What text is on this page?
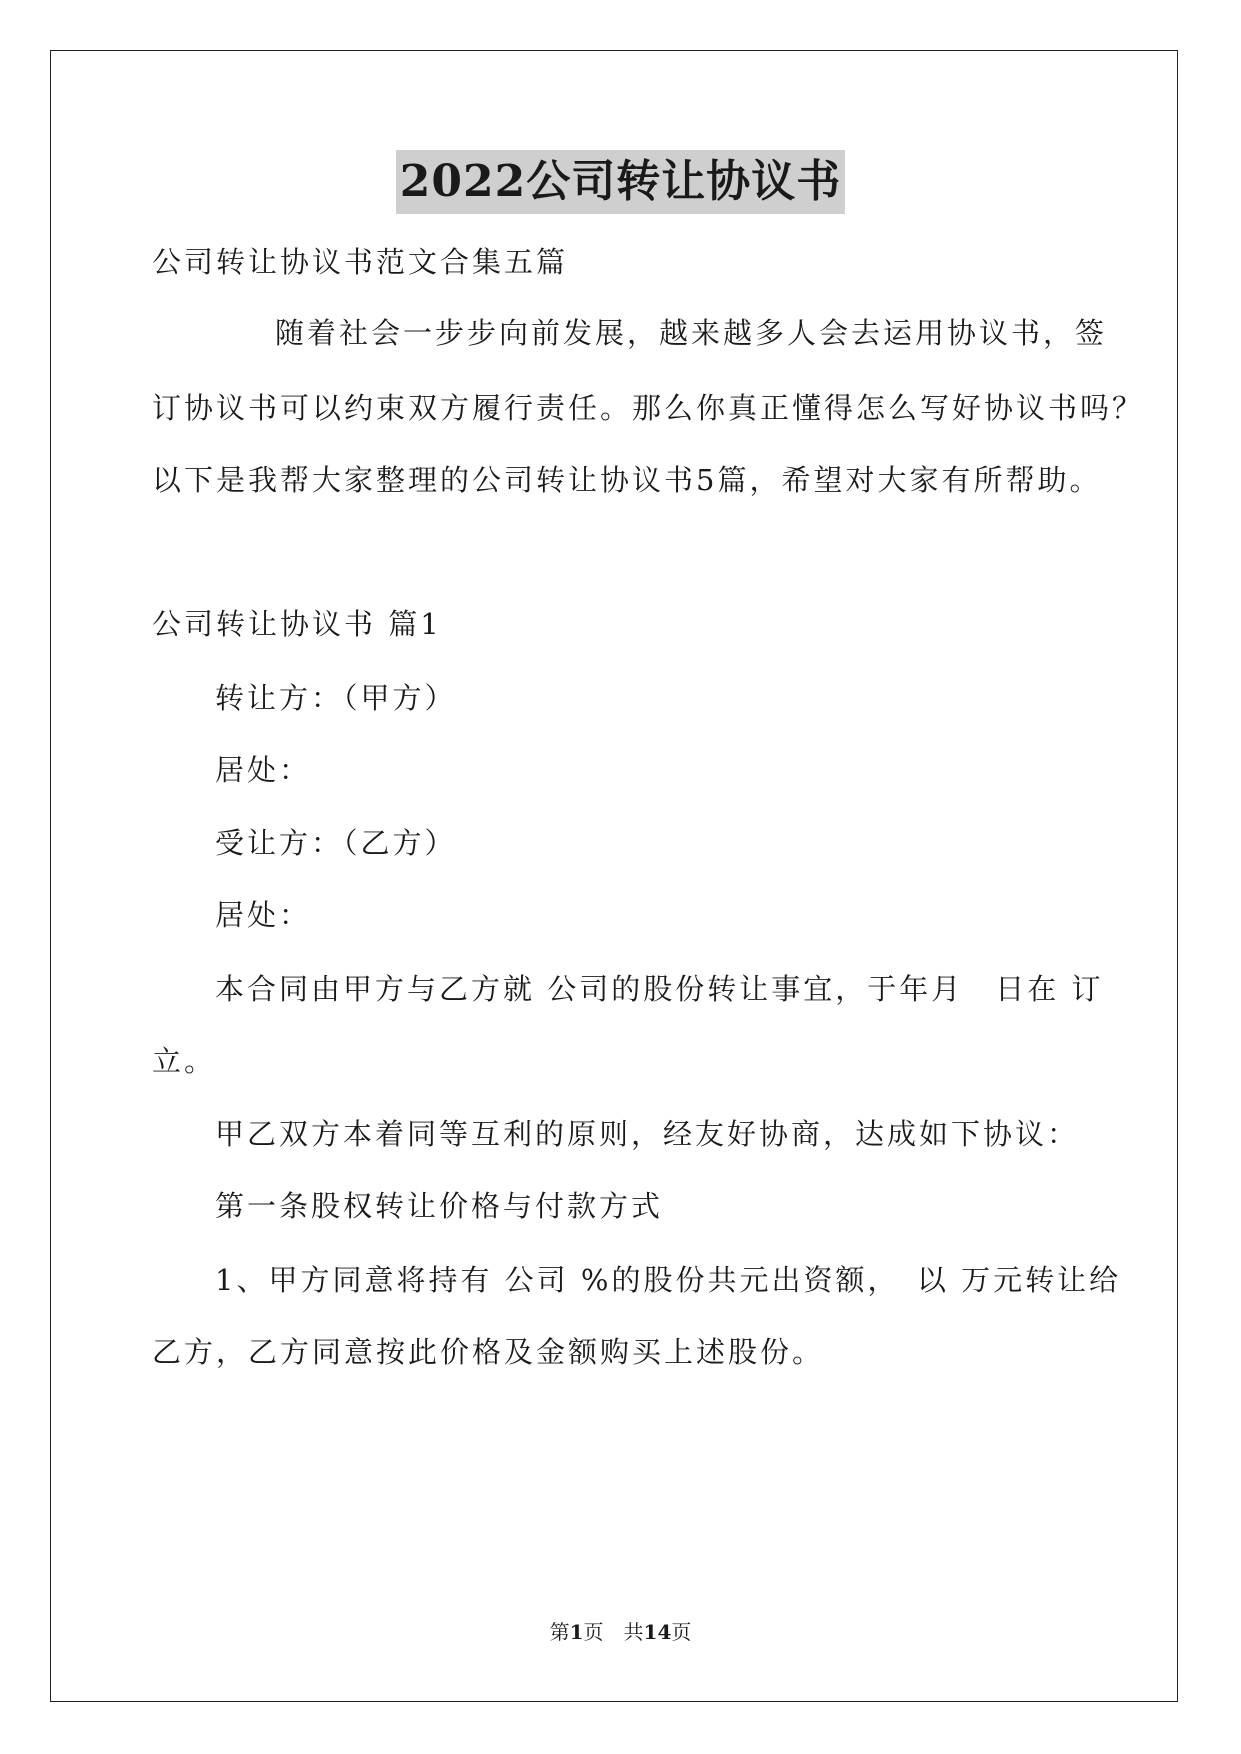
2022公司转让协议书
公司转让协议书范文合集五篇
随着社会一步步向前发展，越来越多人会去运用协议书，签
订协议书可以约束双方履行责任。那么你真正懂得怎么写好协议书吗？
以下是我帮大家整理的公司转让协议书5篇，希望对大家有所帮助。
公司转让协议书 篇1
转让方：（甲方）
居处：
受让方：（乙方）
居处：
本合同由甲方与乙方就 公司的股份转让事宜，于年月　日在 订
立。
甲乙双方本着同等互利的原则，经友好协商，达成如下协议：
第一条股权转让价格与付款方式
1、甲方同意将持有 公司 %的股份共元出资额，　以 万元转让给
乙方，乙方同意按此价格及金额购买上述股份。
第1页　共14页
